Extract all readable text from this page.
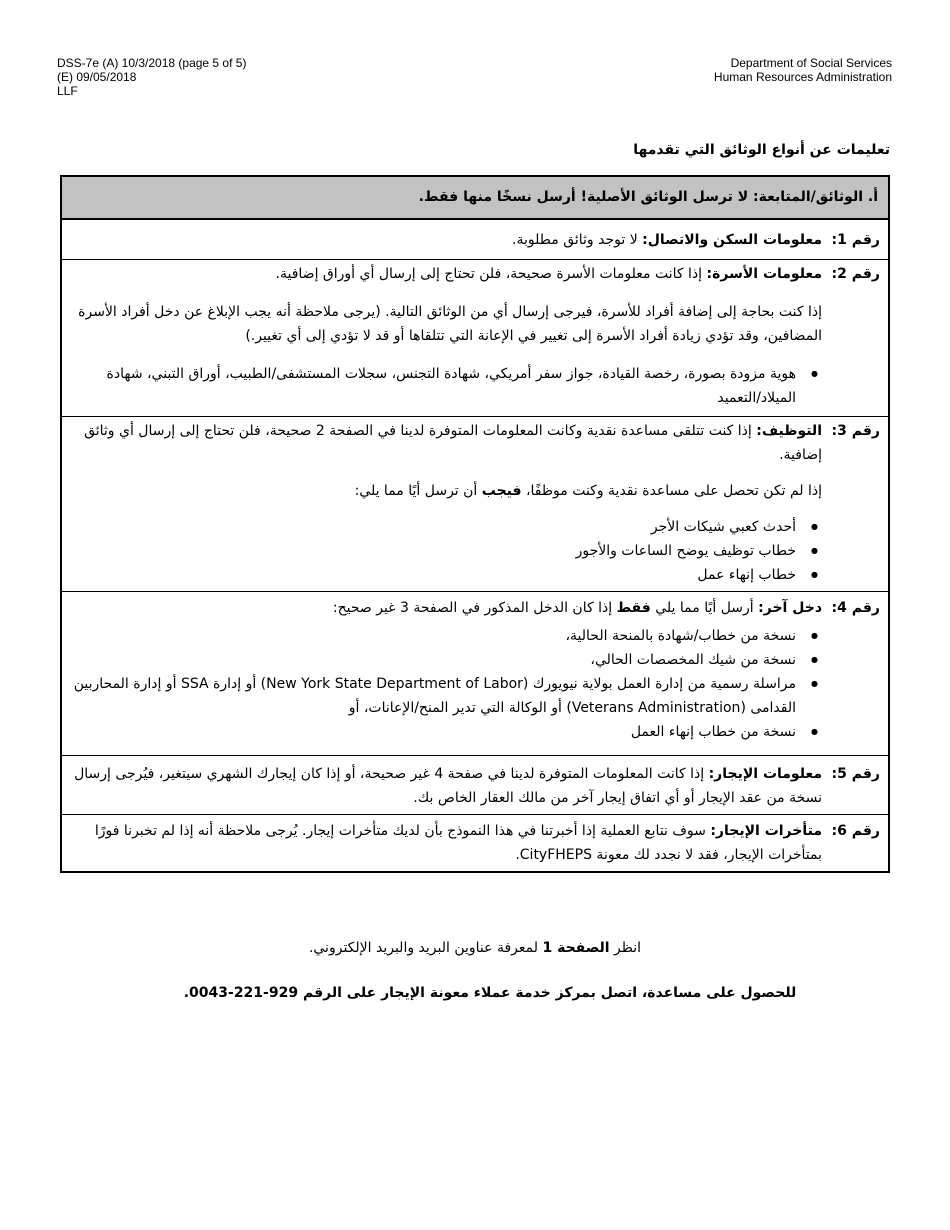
DSS-7e (A) 10/3/2018 (page 5 of 5)
(E) 09/05/2018
LLF
Department of Social Services
Human Resources Administration
تعليمات عن أنواع الوثائق التي تقدمها
أ. الوثائق/المتابعة: لا ترسل الوثائق الأصلية! أرسل نسخًا منها فقط.
رقم 1:

معلومات السكن والاتصال: لا توجد وثائق مطلوبة.

رقم 2:

معلومات الأسرة: إذا كانت معلومات الأسرة صحيحة، فلن تحتاج إلى إرسال أي أوراق إضافية.

إذا كنت بحاجة إلى إضافة أفراد للأسرة، فيرجى إرسال أي من الوثائق التالية. (يرجى ملاحظة أنه يجب الإبلاغ عن دخل أفراد الأسرة المضافين، وقد تؤدي زيادة أفراد الأسرة إلى تغيير في الإعانة التي تتلقاها أو قد لا تؤدي إلى أي تغيير.)

● هوية مزودة بصورة، رخصة القيادة، جواز سفر أمريكي، شهادة التجنس، سجلات المستشفى/الطبيب، أوراق التبني، شهادة الميلاد/التعميد
رقم 3:

التوظيف: إذا كنت تتلقى مساعدة نقدية وكانت المعلومات المتوفرة لدينا في الصفحة 2 صحيحة، فلن تحتاج إلى إرسال أي وثائق إضافية.

إذا لم تكن تحصل على مساعدة نقدية وكنت موظفًا، فيجب أن ترسل أيًا مما يلي:

● أحدث كعبي شيكات الأجر
● خطاب توظيف يوضح الساعات والأجور
● خطاب إنهاء عمل
رقم 4:

دخل آخر: أرسل أيًا مما يلي فقط إذا كان الدخل المذكور في الصفحة 3 غير صحيح:

● نسخة من خطاب/شهادة بالمنحة الحالية،
● نسخة من شيك المخصصات الحالي،
● مراسلة رسمية من إدارة العمل بولاية نيويورك (New York State Department of Labor) أو إدارة SSA أو إدارة المحاربين القدامى (Veterans Administration) أو الوكالة التي تدير المنح/الإعانات، أو
● نسخة من خطاب إنهاء العمل
رقم 5:

معلومات الإيجار: إذا كانت المعلومات المتوفرة لدينا في صفحة 4 غير صحيحة، أو إذا كان إيجارك الشهري سيتغير، فيُرجى إرسال نسخة من عقد الإيجار أو أي اتفاق إيجار آخر من مالك العقار الخاص بك.

رقم 6:

متأخرات الإيجار: سوف نتابع العملية إذا أخبرتنا في هذا النموذج بأن لديك متأخرات إيجار. يُرجى ملاحظة أنه إذا لم تخبرنا فورًا بمتأخرات الإيجار، فقد لا نجدد لك معونة CityFHEPS.

انظر الصفحة 1 لمعرفة عناوين البريد والبريد الإلكتروني.
للحصول على مساعدة، اتصل بمركز خدمة عملاء معونة الإيجار على الرقم 929-221-0043.
